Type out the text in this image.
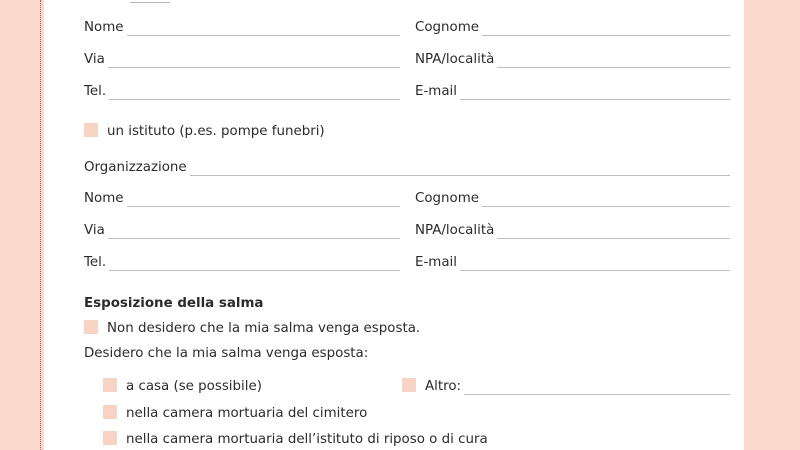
Nome	Cognome
Via	NPA/località
Tel.	E-mail
un istituto (p.es. pompe funebri)
Organizzazione
Nome	Cognome
Via	NPA/località
Tel.	E-mail
Esposizione della salma
Non desidero che la mia salma venga esposta.
Desidero che la mia salma venga esposta:
a casa (se possibile)	Altro:
nella camera mortuaria del cimitero
nella camera mortuaria dell’istituto di riposo o di cura
